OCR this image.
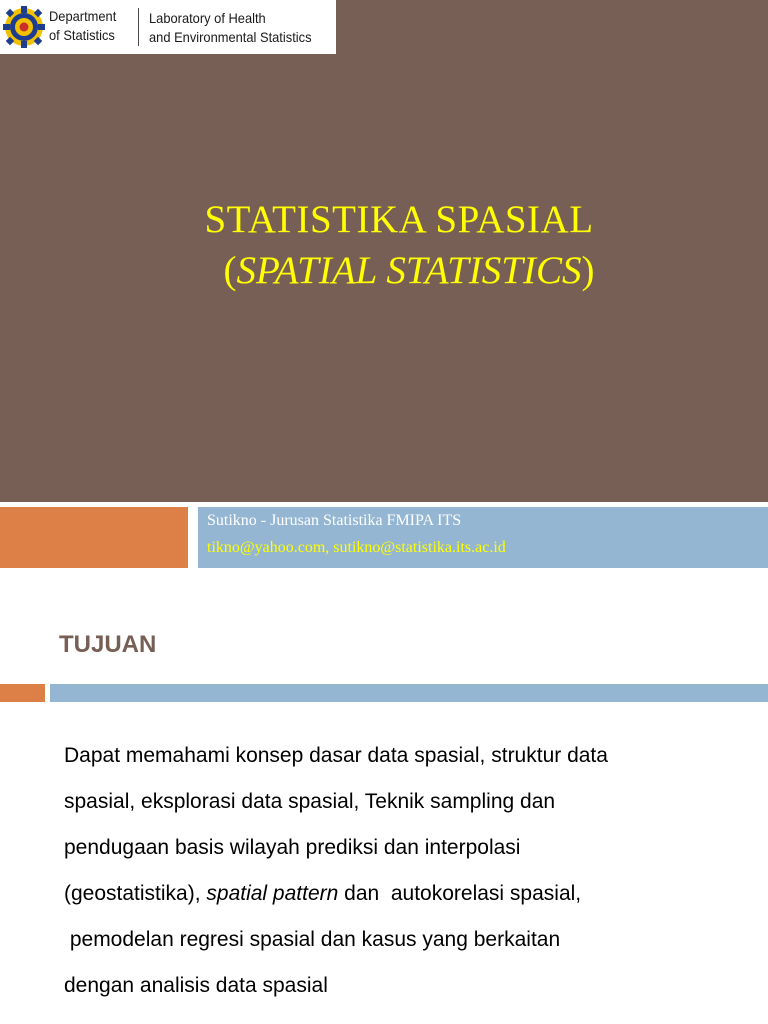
Department
of Statistics
Laboratory of Health
and Environmental Statistics
STATISTIKA SPASIAL
(SPATIAL STATISTICS)
Sutikno - Jurusan Statistika FMIPA ITS
tikno@yahoo.com, sutikno@statistika.its.ac.id
TUJUAN
Dapat memahami konsep dasar data spasial, struktur data
spasial, eksplorasi data spasial, Teknik sampling dan
pendugaan basis wilayah prediksi dan interpolasi
(geostatistika), spatial pattern dan  autokorelasi spasial,
pemodelan regresi spasial dan kasus yang berkaitan
dengan analisis data spasial
